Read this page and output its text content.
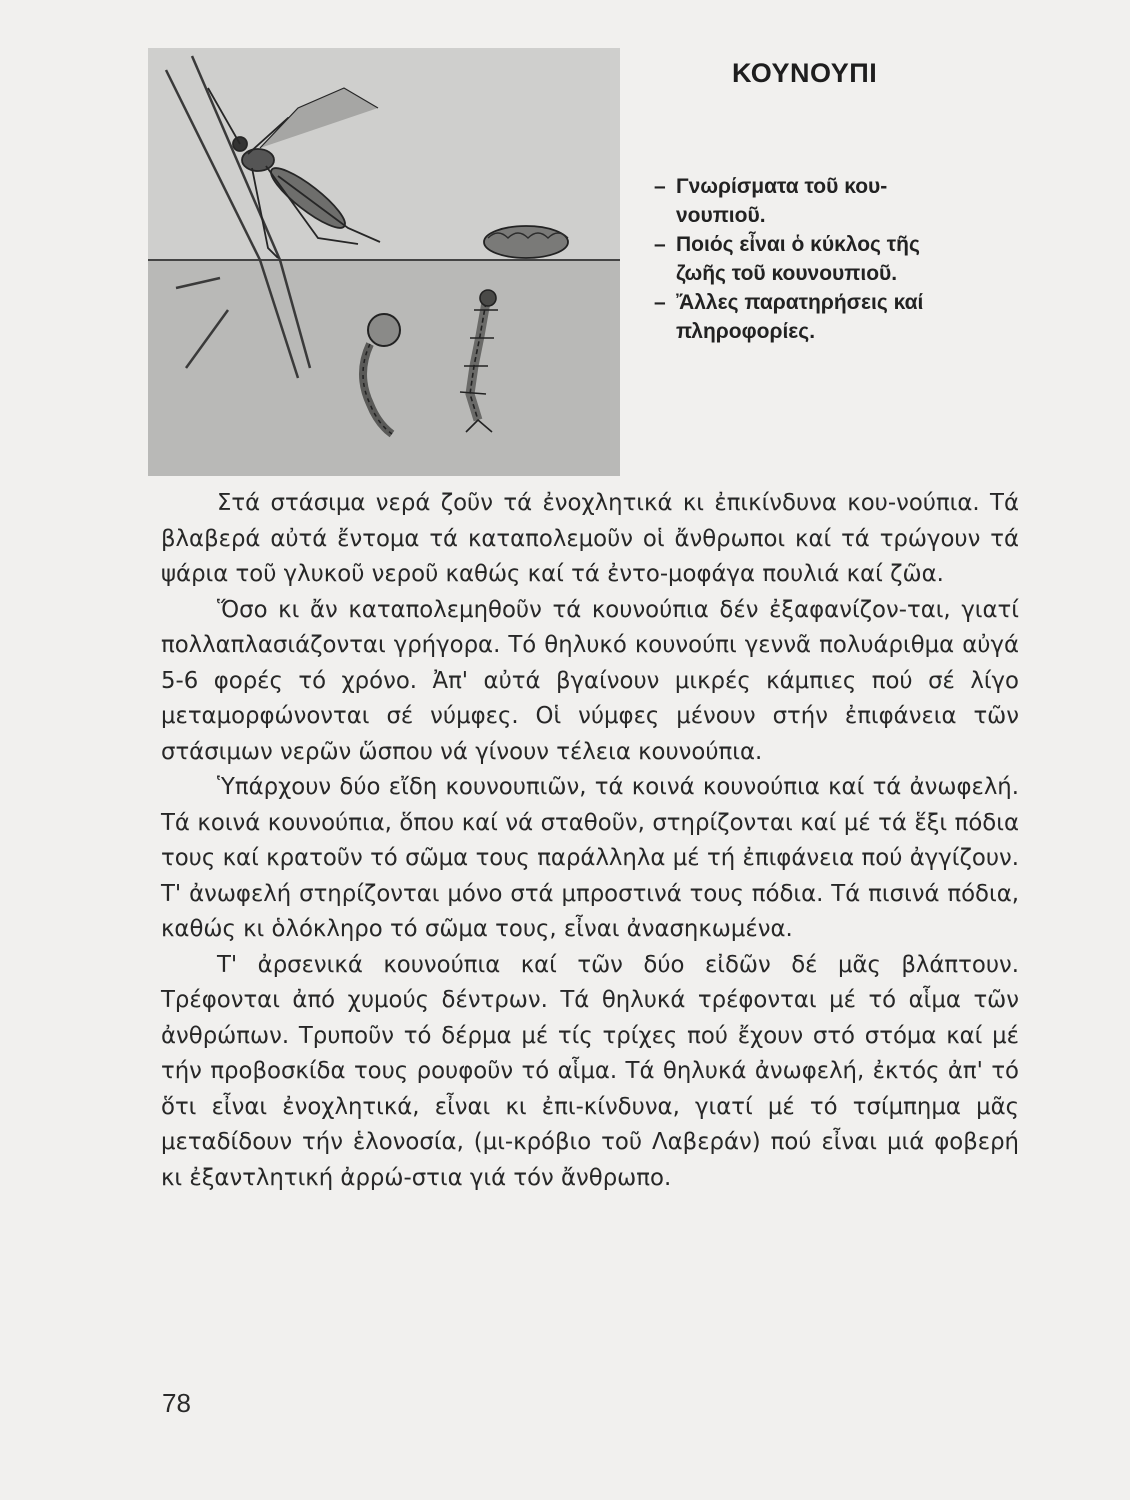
ΚΟΥΝΟΥΠΙ
– Γνωρίσματα τοῦ κου-νουπιοῦ.
– Ποιός εἶναι ὁ κύκλος τῆς ζωῆς τοῦ κουνουπιοῦ.
– Ἄλλες παρατηρήσεις καί πληροφορίες.

Στά στάσιμα νερά ζοῦν τά ἐνοχλητικά κι ἐπικίνδυνα κου-νούπια. Τά βλαβερά αὐτά ἔντομα τά καταπολεμοῦν οἱ ἄνθρωποι καί τά τρώγουν τά ψάρια τοῦ γλυκοῦ νεροῦ καθώς καί τά ἐντο-μοφάγα πουλιά καί ζῶα.

Ὅσο κι ἄν καταπολεμηθοῦν τά κουνούπια δέν ἐξαφανίζον-ται, γιατί πολλαπλασιάζονται γρήγορα. Τό θηλυκό κουνούπι γεννᾶ πολυάριθμα αὐγά 5-6 φορές τό χρόνο. Ἀπ' αὐτά βγαίνουν μικρές κάμπιες πού σέ λίγο μεταμορφώνονται σέ νύμφες. Οἱ νύμφες μένουν στήν ἐπιφάνεια τῶν στάσιμων νερῶν ὥσπου νά γίνουν τέλεια κουνούπια.

Ὑπάρχουν δύο εἴδη κουνουπιῶν, τά κοινά κουνούπια καί τά ἀνωφελή. Τά κοινά κουνούπια, ὅπου καί νά σταθοῦν, στηρίζονται καί μέ τά ἕξι πόδια τους καί κρατοῦν τό σῶμα τους παράλληλα μέ τή ἐπιφάνεια πού ἀγγίζουν. Τ' ἀνωφελή στηρίζονται μόνο στά μπροστινά τους πόδια. Τά πισινά πόδια, καθώς κι ὁλόκληρο τό σῶμα τους, εἶναι ἀνασηκωμένα.

Τ' ἀρσενικά κουνούπια καί τῶν δύο εἰδῶν δέ μᾶς βλάπτουν. Τρέφονται ἀπό χυμούς δέντρων. Τά θηλυκά τρέφονται μέ τό αἷμα τῶν ἀνθρώπων. Τρυποῦν τό δέρμα μέ τίς τρίχες πού ἔχουν στό στόμα καί μέ τήν προβοσκίδα τους ρουφοῦν τό αἷμα. Τά θηλυκά ἀνωφελή, ἐκτός ἀπ' τό ὅτι εἶναι ἐνοχλητικά, εἶναι κι ἐπι-κίνδυνα, γιατί μέ τό τσίμπημα μᾶς μεταδίδουν τήν ἑλονοσία, (μι-κρόβιο τοῦ Λαβεράν) πού εἶναι μιά φοβερή κι ἐξαντλητική ἀρρώ-στια γιά τόν ἄνθρωπο.

78
